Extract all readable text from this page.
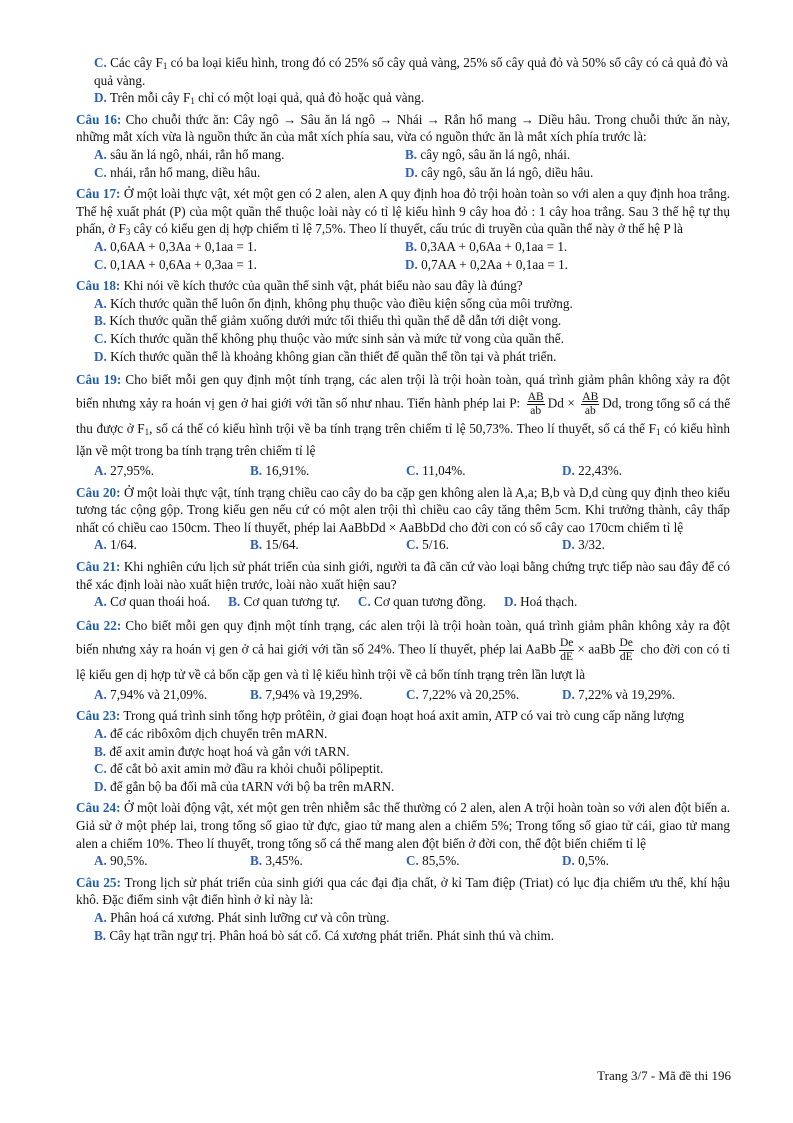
C. Các cây $F_1$ có ba loại kiểu hình, trong đó có 25% số cây quả vàng, 25% số cây quả đỏ và 50% số cây có cả quả đỏ và quả vàng.
D. Trên mỗi cây $F_1$ chỉ có một loại quả, quả đỏ hoặc quả vàng.
Câu 16: Cho chuỗi thức ăn: Cây ngô → Sâu ăn lá ngô → Nhái → Rắn hổ mang → Diều hâu. Trong chuỗi thức ăn này, những mắt xích vừa là nguồn thức ăn của mắt xích phía sau, vừa có nguồn thức ăn là mắt xích phía trước là:
A. sâu ăn lá ngô, nhái, rắn hổ mang.	B. cây ngô, sâu ăn lá ngô, nhái.
C. nhái, rắn hổ mang, diều hâu.	D. cây ngô, sâu ăn lá ngô, diều hâu.
Câu 17: Ở một loài thực vật, xét một gen có 2 alen, alen A quy định hoa đỏ trội hoàn toàn so với alen a quy định hoa trắng. Thế hệ xuất phát (P) của một quần thể thuộc loài này có tỉ lệ kiểu hình 9 cây hoa đỏ : 1 cây hoa trắng. Sau 3 thế hệ tự thụ phấn, ở $F_3$ cây có kiểu gen dị hợp chiếm tỉ lệ 7,5%. Theo lí thuyết, cấu trúc di truyền của quần thể này ở thế hệ P là
A. 0,6AA + 0,3Aa + 0,1aa = 1.	B. 0,3AA + 0,6Aa + 0,1aa = 1.
C. 0,1AA + 0,6Aa + 0,3aa = 1.	D. 0,7AA + 0,2Aa + 0,1aa = 1.
Câu 18: Khi nói về kích thước của quần thể sinh vật, phát biểu nào sau đây là đúng?
A. Kích thước quần thể luôn ổn định, không phụ thuộc vào điều kiện sống của môi trường.
B. Kích thước quần thể giảm xuống dưới mức tối thiểu thì quần thể dễ dẫn tới diệt vong.
C. Kích thước quần thể không phụ thuộc vào mức sinh sản và mức tử vong của quần thể.
D. Kích thước quần thể là khoảng không gian cần thiết để quần thể tồn tại và phát triển.
Câu 19: Cho biết mỗi gen quy định một tính trạng, các alen trội là trội hoàn toàn, quá trình giảm phân không xảy ra đột biến nhưng xảy ra hoán vị gen ở hai giới với tần số như nhau. Tiến hành phép lai P: $\frac{AB}{ab}$ $Dd \times \frac{AB}{ab} Dd$, trong tổng số cá thể thu được ở $F_1$, số cá thể có kiểu hình trội về ba tính trạng trên chiếm tỉ lệ 50,73%. Theo lí thuyết, số cá thể $F_1$ có kiểu hình lặn về một trong ba tính trạng trên chiếm tỉ lệ
A. 27,95%.	B. 16,91%.	C. 11,04%.	D. 22,43%.
Câu 20: Ở một loài thực vật, tính trạng chiều cao cây do ba cặp gen không alen là A,a; B,b và D,d cùng quy định theo kiểu tương tác cộng gộp. Trong kiểu gen nếu cứ có một alen trội thì chiều cao cây tăng thêm 5cm. Khi trưởng thành, cây thấp nhất có chiều cao 150cm. Theo lí thuyết, phép lai AaBbDd × AaBbDd cho đời con có số cây cao 170cm chiếm tỉ lệ
A. 1/64.	B. 15/64.	C. 5/16.	D. 3/32.
Câu 21: Khi nghiên cứu lịch sử phát triển của sinh giới, người ta đã căn cứ vào loại bằng chứng trực tiếp nào sau đây để có thể xác định loài nào xuất hiện trước, loài nào xuất hiện sau?
A. Cơ quan thoái hoá. B. Cơ quan tương tự. C. Cơ quan tương đồng. D. Hoá thạch.
Câu 22: Cho biết mỗi gen quy định một tính trạng, các alen trội là trội hoàn toàn, quá trình giảm phân không xảy ra đột biến nhưng xảy ra hoán vị gen ở cả hai giới với tần số 24%. Theo lí thuyết, phép lai AaBb $\frac{De}{dE}$ × aaBb $\frac{De}{dE}$ cho đời con có tỉ lệ kiểu gen dị hợp tử về cả bốn cặp gen và tỉ lệ kiểu hình trội về cả bốn tính trạng trên lần lượt là
A. 7,94% và 21,09%.	B. 7,94% và 19,29%.	C. 7,22% và 20,25%.	D. 7,22% và 19,29%.
Câu 23: Trong quá trình sinh tổng hợp prôtêin, ở giai đoạn hoạt hoá axit amin, ATP có vai trò cung cấp năng lượng
A. để các ribôxôm dịch chuyển trên mARN.
B. để axit amin được hoạt hoá và gắn với tARN.
C. để cắt bỏ axit amin mở đầu ra khỏi chuỗi pôlipeptit.
D. để gắn bộ ba đối mã của tARN với bộ ba trên mARN.
Câu 24: Ở một loài động vật, xét một gen trên nhiễm sắc thể thường có 2 alen, alen A trội hoàn toàn so với alen đột biến a. Giả sử ở một phép lai, trong tổng số giao tử đực, giao tử mang alen a chiếm 5%; Trong tổng số giao tử cái, giao tử mang alen a chiếm 10%. Theo lí thuyết, trong tổng số cá thể mang alen đột biến ở đời con, thể đột biến chiếm tỉ lệ
A. 90,5%.	B. 3,45%.	C. 85,5%.	D. 0,5%.
Câu 25: Trong lịch sử phát triển của sinh giới qua các đại địa chất, ở kỉ Tam điệp (Triat) có lục địa chiếm ưu thế, khí hậu khô. Đặc điểm sinh vật điển hình ở kỉ này là:
A. Phân hoá cá xương. Phát sinh lưỡng cư và côn trùng.
B. Cây hạt trần ngự trị. Phân hoá bò sát cổ. Cá xương phát triển. Phát sinh thú và chim.
Trang 3/7 - Mã đề thi 196
